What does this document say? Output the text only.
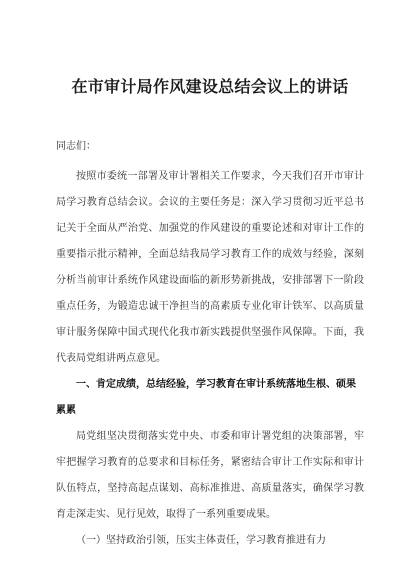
在市审计局作风建设总结会议上的讲话

同志们：

按照市委统一部署及审计署相关工作要求，今天我们召开市审计局学习教育总结会议。会议的主要任务是：深入学习贯彻习近平总书记关于全面从严治党、加强党的作风建设的重要论述和对审计工作的重要指示批示精神，全面总结我局学习教育工作的成效与经验，深刻分析当前审计系统作风建设面临的新形势新挑战，安排部署下一阶段重点任务，为锻造忠诚干净担当的高素质专业化审计铁军、以高质量审计服务保障中国式现代化我市新实践提供坚强作风保障。下面，我代表局党组讲两点意见。

一、肯定成绩，总结经验，学习教育在审计系统落地生根、硕果累累

局党组坚决贯彻落实党中央、市委和审计署党组的决策部署，牢牢把握学习教育的总要求和目标任务，紧密结合审计工作实际和审计队伍特点，坚持高起点谋划、高标准推进、高质量落实，确保学习教育走深走实、见行见效，取得了一系列重要成果。

（一）坚持政治引领，压实主体责任，学习教育推进有力
